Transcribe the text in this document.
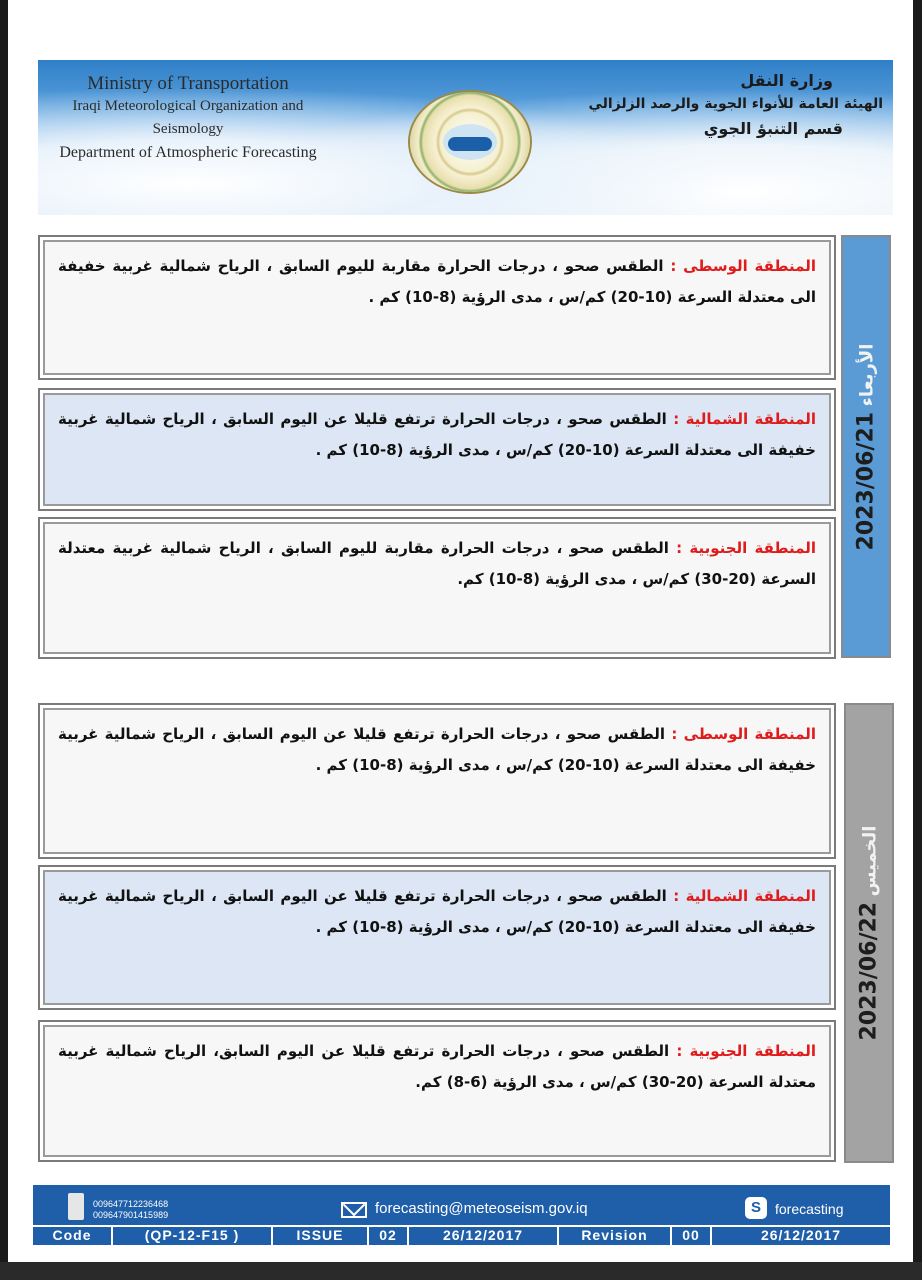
Ministry of Transportation
Iraqi Meteorological Organization and Seismology
Department of Atmospheric Forecasting
وزارة النقل
الهيئة العامة للأنواء الجوية والرصد الزلزالي
قسم التنبؤ الجوي
المنطقة الوسطى : الطقس صحو ، درجات الحرارة مقاربة لليوم السابق ، الرياح شمالية غربية خفيفة الى معتدلة السرعة (10-20) كم/س ، مدى الرؤية (8-10) كم .
المنطقة الشمالية : الطقس صحو ، درجات الحرارة ترتفع قليلا عن اليوم السابق ، الرياح شمالية غربية خفيفة الى معتدلة السرعة (10-20) كم/س ، مدى الرؤية (8-10) كم .
المنطقة الجنوبية : الطقس صحو ، درجات الحرارة مقاربة لليوم السابق ، الرياح شمالية غربية معتدلة السرعة (20-30) كم/س ، مدى الرؤية (8-10) كم.
الأربعاء 2023/06/21
المنطقة الوسطى : الطقس صحو ، درجات الحرارة ترتفع قليلا عن اليوم السابق ، الرياح شمالية غربية خفيفة الى معتدلة السرعة (10-20) كم/س ، مدى الرؤية (8-10) كم .
المنطقة الشمالية : الطقس صحو ، درجات الحرارة ترتفع قليلا عن اليوم السابق ، الرياح شمالية غربية خفيفة الى معتدلة السرعة (10-20) كم/س ، مدى الرؤية (8-10) كم .
المنطقة الجنوبية : الطقس صحو ، درجات الحرارة ترتفع قليلا عن اليوم السابق، الرياح شمالية غربية معتدلة السرعة (20-30) كم/س ، مدى الرؤية (6-8) كم.
الخميس 2023/06/22
009647712236468
009647901415989	forecasting@meteoseism.gov.iq	S	forecasting
Code	(QP-12-F15 )	ISSUE	02	26/12/2017	Revision	00	26/12/2017
